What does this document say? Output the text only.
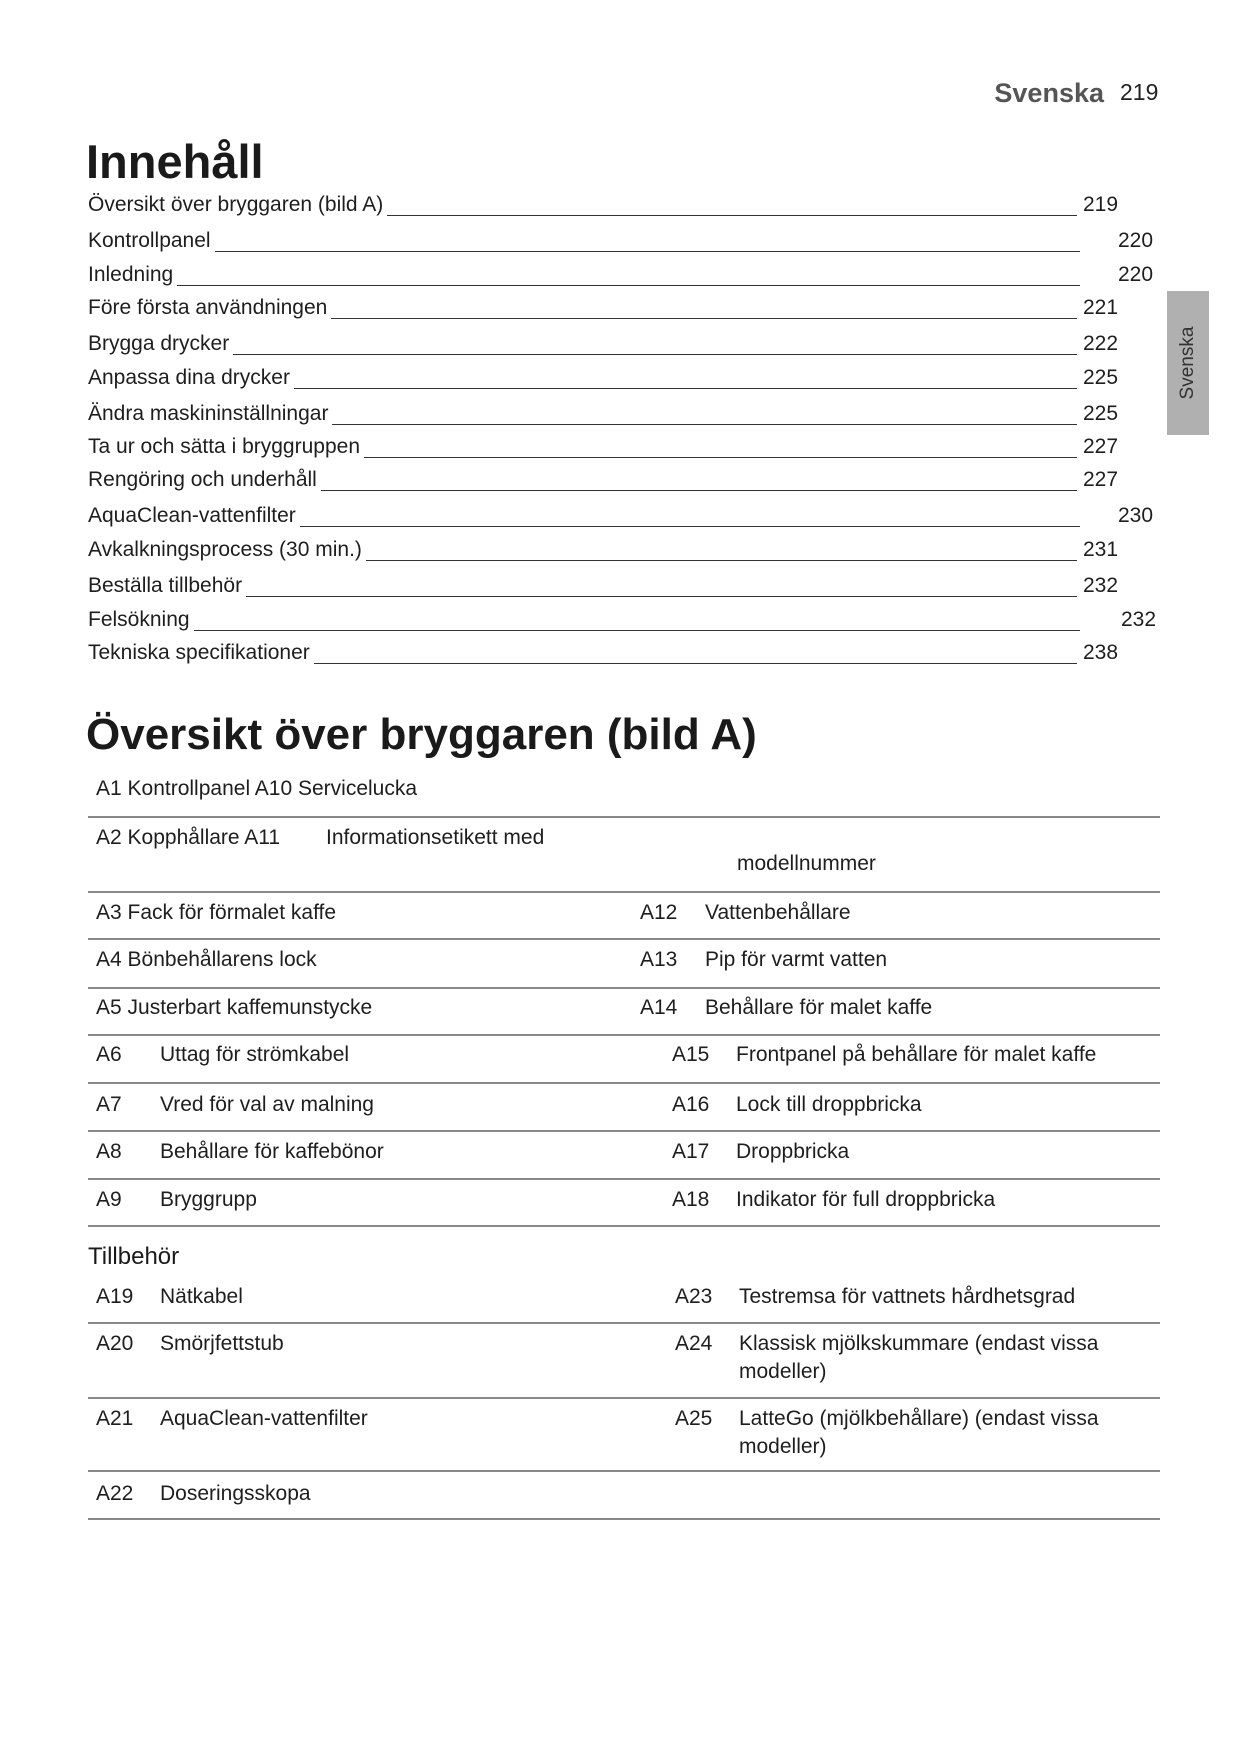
Svenska 219
Svenska
Innehåll
Översikt över bryggaren (bild A)	219
Kontrollpanel	220
Inledning	220
Före första användningen	221
Brygga drycker	222
Anpassa dina drycker	225
Ändra maskininställningar	225
Ta ur och sätta i bryggruppen	227
Rengöring och underhåll	227
AquaClean-vattenfilter	230
Avkalkningsprocess (30 min.)	231
Beställa tillbehör	232
Felsökning	232
Tekniska specifikationer	238
Översikt över bryggaren (bild A)
A1 Kontrollpanel A10 Servicelucka
A2 Kopphållare A11 Informationsetikett med
modellnummer
A3 Fack för förmalet kaffe	A12 Vattenbehållare
A4 Bönbehållarens lock	A13 Pip för varmt vatten
A5 Justerbart kaffemunstycke	A14 Behållare för malet kaffe
A6 Uttag för strömkabel	A15 Frontpanel på behållare för malet kaffe
A7 Vred för val av malning	A16 Lock till droppbricka
A8 Behållare för kaffebönor	A17 Droppbricka
A9 Bryggrupp	A18 Indikator för full droppbricka
Tillbehör
A19 Nätkabel	A23 Testremsa för vattnets hårdhetsgrad
A20 Smörjfettstub	A24 Klassisk mjölkskummare (endast vissa
modeller)
A21 AquaClean-vattenfilter	A25 LatteGo (mjölkbehållare) (endast vissa
modeller)
A22 Doseringsskopa
